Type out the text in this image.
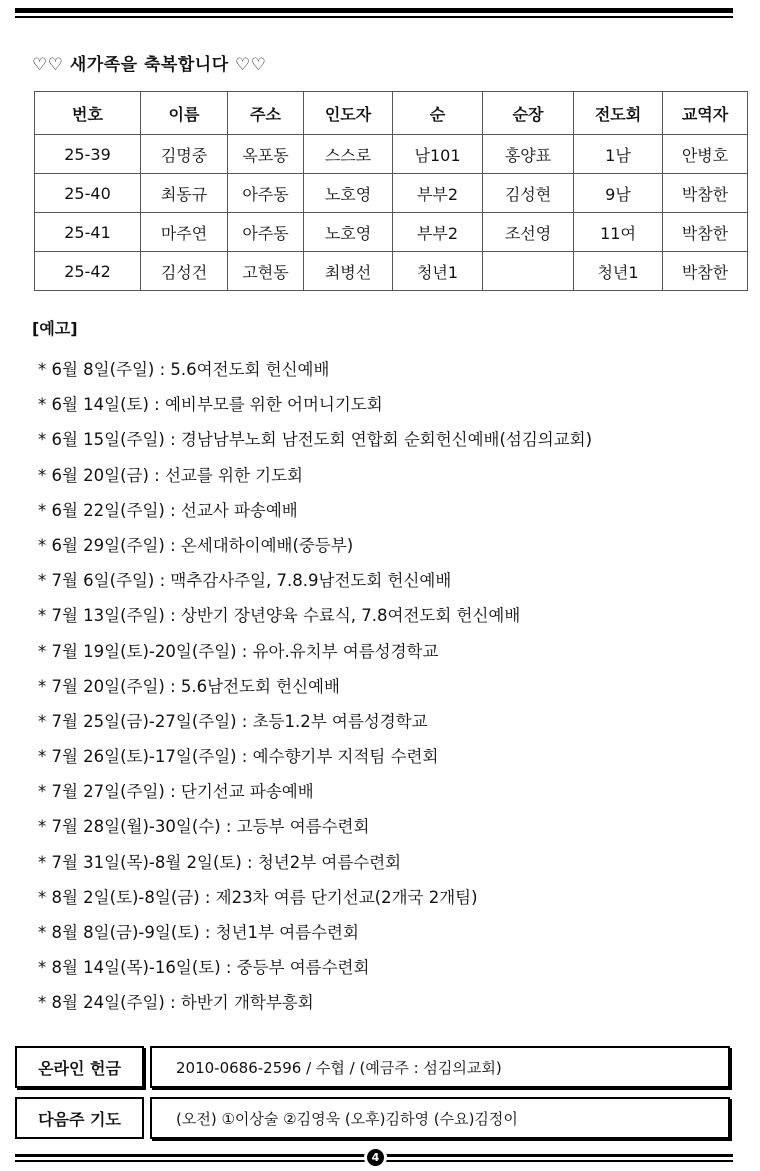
♡♡ 새가족을 축복합니다 ♡♡
번호	이름	주소	인도자	순	순장	전도회	교역자
25-39	김명중	옥포동	스스로	남101	홍양표	1남	안병호
25-40	최동규	아주동	노호영	부부2	김성현	9남	박참한
25-41	마주연	아주동	노호영	부부2	조선영	11여	박참한
25-42	김성건	고현동	최병선	청년1		청년1	박참한
[예고]
* 6월 8일(주일) : 5.6여전도회 헌신예배
* 6월 14일(토) : 예비부모를 위한 어머니기도회
* 6월 15일(주일) : 경남남부노회 남전도회 연합회 순회헌신예배(섬김의교회)
* 6월 20일(금) : 선교를 위한 기도회
* 6월 22일(주일) : 선교사 파송예배
* 6월 29일(주일) : 온세대하이예배(중등부)
* 7월 6일(주일) : 맥추감사주일, 7.8.9남전도회 헌신예배
* 7월 13일(주일) : 상반기 장년양육 수료식, 7.8여전도회 헌신예배
* 7월 19일(토)-20일(주일) : 유아.유치부 여름성경학교
* 7월 20일(주일) : 5.6남전도회 헌신예배
* 7월 25일(금)-27일(주일) : 초등1.2부 여름성경학교
* 7월 26일(토)-17일(주일) : 예수향기부 지적팀 수련회
* 7월 27일(주일) : 단기선교 파송예배
* 7월 28일(월)-30일(수) : 고등부 여름수련회
* 7월 31일(목)-8월 2일(토) : 청년2부 여름수련회
* 8월 2일(토)-8일(금) : 제23차 여름 단기선교(2개국 2개팀)
* 8월 8일(금)-9일(토) : 청년1부 여름수련회
* 8월 14일(목)-16일(토) : 중등부 여름수련회
* 8월 24일(주일) : 하반기 개학부흥회
온라인 헌금	2010-0686-2596 / 수협 / (예금주 : 섬김의교회)
다음주 기도	(오전) ①이상술 ②김영욱 (오후)김하영 (수요)김정이
4
